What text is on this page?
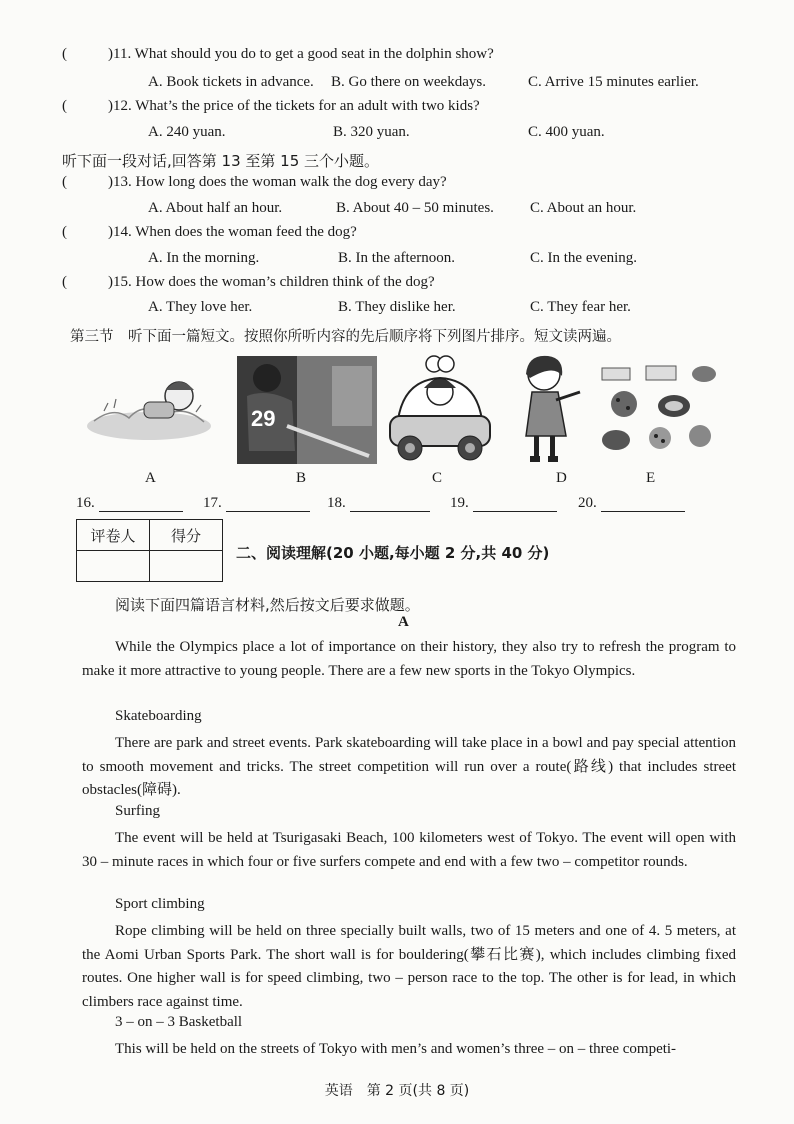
(	)11. What should you do to get a good seat in the dolphin show?
A. Book tickets in advance. B. Go there on weekdays.	C. Arrive 15 minutes earlier.
(	)12. What’s the price of the tickets for an adult with two kids?
A. 240 yuan.	B. 320 yuan.	C. 400 yuan.
听下面一段对话,回答第 13 至第 15 三个小题。
(	)13. How long does the woman walk the dog every day?
A. About half an hour.	B. About 40 – 50 minutes. C. About an hour.
(	)14. When does the woman feed the dog?
A. In the morning.	B. In the afternoon.	C. In the evening.
(	)15. How does the woman’s children think of the dog?
A. They love her.	B. They dislike her.	C. They fear her.
第三节　听下面一篇短文。按照你所听内容的先后顺序将下列图片排序。短文读两遍。
A
29
B	C	D	E
16.	17.	18.	19.	20.
评卷人	得分

二、阅读理解(20 小题,每小题 2 分,共 40 分)
阅读下面四篇语言材料,然后按文后要求做题。
A
While the Olympics place a lot of importance on their history, they also try to refresh the program to make it more attractive to young people. There are a few new sports in the Tokyo Olympics.
Skateboarding
There are park and street events. Park skateboarding will take place in a bowl and pay special attention to smooth movement and tricks. The street competition will run over a route(路线) that includes street obstacles(障碍).
Surfing
The event will be held at Tsurigasaki Beach, 100 kilometers west of Tokyo. The event will open with 30 – minute races in which four or five surfers compete and end with a few two – competitor rounds.
Sport climbing
Rope climbing will be held on three specially built walls, two of 15 meters and one of 4. 5 meters, at the Aomi Urban Sports Park. The short wall is for bouldering(攀石比赛), which includes climbing fixed routes. One higher wall is for speed climbing, two – person race to the top. The other is for lead, in which climbers race against time.
3 – on – 3 Basketball
This will be held on the streets of Tokyo with men’s and women’s three – on – three competi-
英语　第 2 页(共 8 页)
